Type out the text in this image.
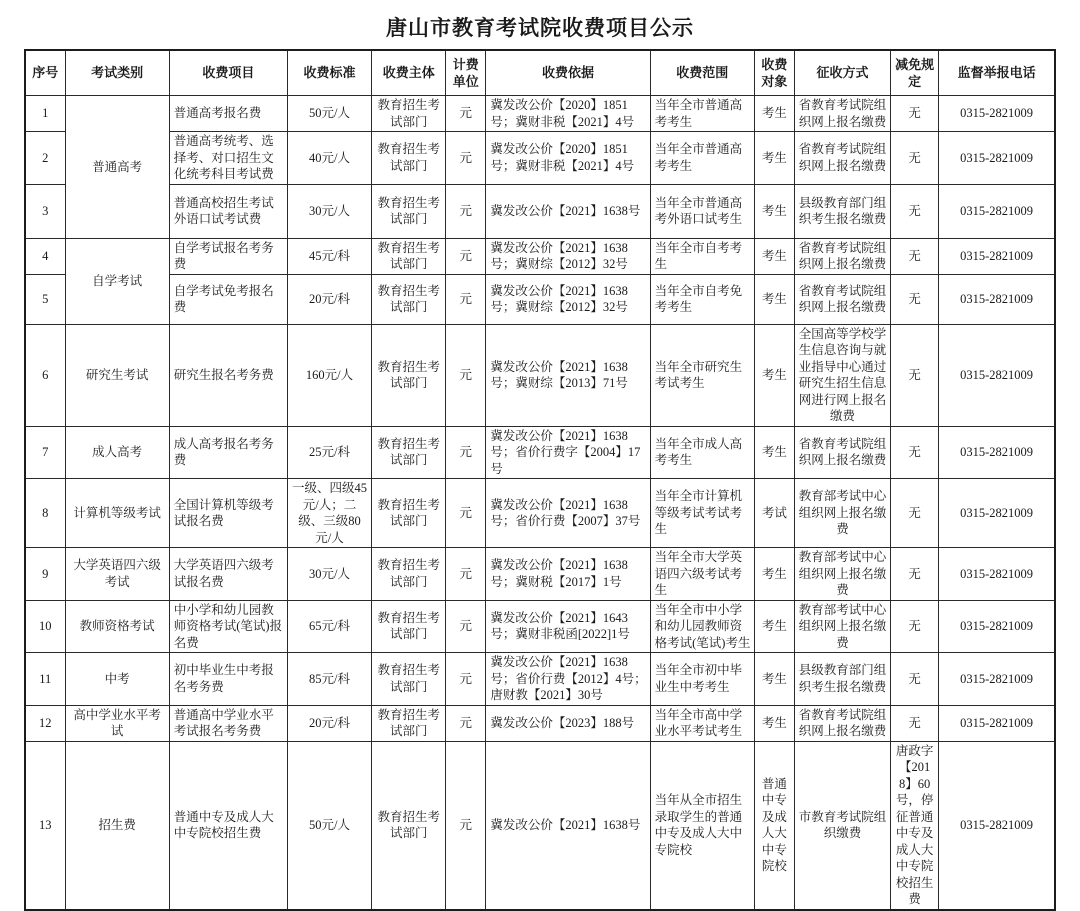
唐山市教育考试院收费项目公示
序号	考试类别	收费项目	收费标准	收费主体	计费单位	收费依据	收费范围	收费对象	征收方式	减免规定	监督举报电话
1	普通高考	普通高考报名费	50元/人	教育招生考试部门	元	冀发改公价【2020】1851号；冀财非税【2021】4号	当年全市普通高考考生	考生	省教育考试院组织网上报名缴费	无	0315-2821009
2		普通高考统考、选择考、对口招生文化统考科目考试费	40元/人	教育招生考试部门	元	冀发改公价【2020】1851号；冀财非税【2021】4号	当年全市普通高考考生	考生	省教育考试院组织网上报名缴费	无	0315-2821009
3		普通高校招生考试外语口试考试费	30元/人	教育招生考试部门	元	冀发改公价【2021】1638号	当年全市普通高考外语口试考生	考生	县级教育部门组织考生报名缴费	无	0315-2821009
4	自学考试	自学考试报名考务费	45元/科	教育招生考试部门	元	冀发改公价【2021】1638号；冀财综【2012】32号	当年全市自考考生	考生	省教育考试院组织网上报名缴费	无	0315-2821009
5		自学考试免考报名费	20元/科	教育招生考试部门	元	冀发改公价【2021】1638号；冀财综【2012】32号	当年全市自考免考考生	考生	省教育考试院组织网上报名缴费	无	0315-2821009
6	研究生考试	研究生报名考务费	160元/人	教育招生考试部门	元	冀发改公价【2021】1638号；冀财综【2013】71号	当年全市研究生考试考生	考生	全国高等学校学生信息咨询与就业指导中心通过研究生招生信息网进行网上报名缴费	无	0315-2821009
7	成人高考	成人高考报名考务费	25元/科	教育招生考试部门	元	冀发改公价【2021】1638号；省价行费字【2004】17号	当年全市成人高考考生	考生	省教育考试院组织网上报名缴费	无	0315-2821009
8	计算机等级考试	全国计算机等级考试报名费	一级、四级45元/人；二级、三级80元/人	教育招生考试部门	元	冀发改公价【2021】1638号；省价行费【2007】37号	当年全市计算机等级考试考试考生	考试	教育部考试中心组织网上报名缴费	无	0315-2821009
9	大学英语四六级考试	大学英语四六级考试报名费	30元/人	教育招生考试部门	元	冀发改公价【2021】1638号；冀财税【2017】1号	当年全市大学英语四六级考试考生	考生	教育部考试中心组织网上报名缴费	无	0315-2821009
10	教师资格考试	中小学和幼儿园教师资格考试(笔试)报名费	65元/科	教育招生考试部门	元	冀发改公价【2021】1643号；冀财非税函[2022]1号	当年全市中小学和幼儿园教师资格考试(笔试)考生	考生	教育部考试中心组织网上报名缴费	无	0315-2821009
11	中考	初中毕业生中考报名考务费	85元/科	教育招生考试部门	元	冀发改公价【2021】1638号；省价行费【2012】4号；唐财教【2021】30号	当年全市初中毕业生中考考生	考生	县级教育部门组织考生报名缴费	无	0315-2821009
12	高中学业水平考试	普通高中学业水平考试报名考务费	20元/科	教育招生考试部门	元	冀发改公价【2023】188号	当年全市高中学业水平考试考生	考生	省教育考试院组织网上报名缴费	无	0315-2821009
13	招生费	普通中专及成人大中专院校招生费	50元/人	教育招生考试部门	元	冀发改公价【2021】1638号	当年从全市招生录取学生的普通中专及成人大中专院校	普通中专及成人大中专院校	市教育考试院组织缴费	唐政字【2018】60号，停征普通中专及成人大中专院校招生费	0315-2821009
